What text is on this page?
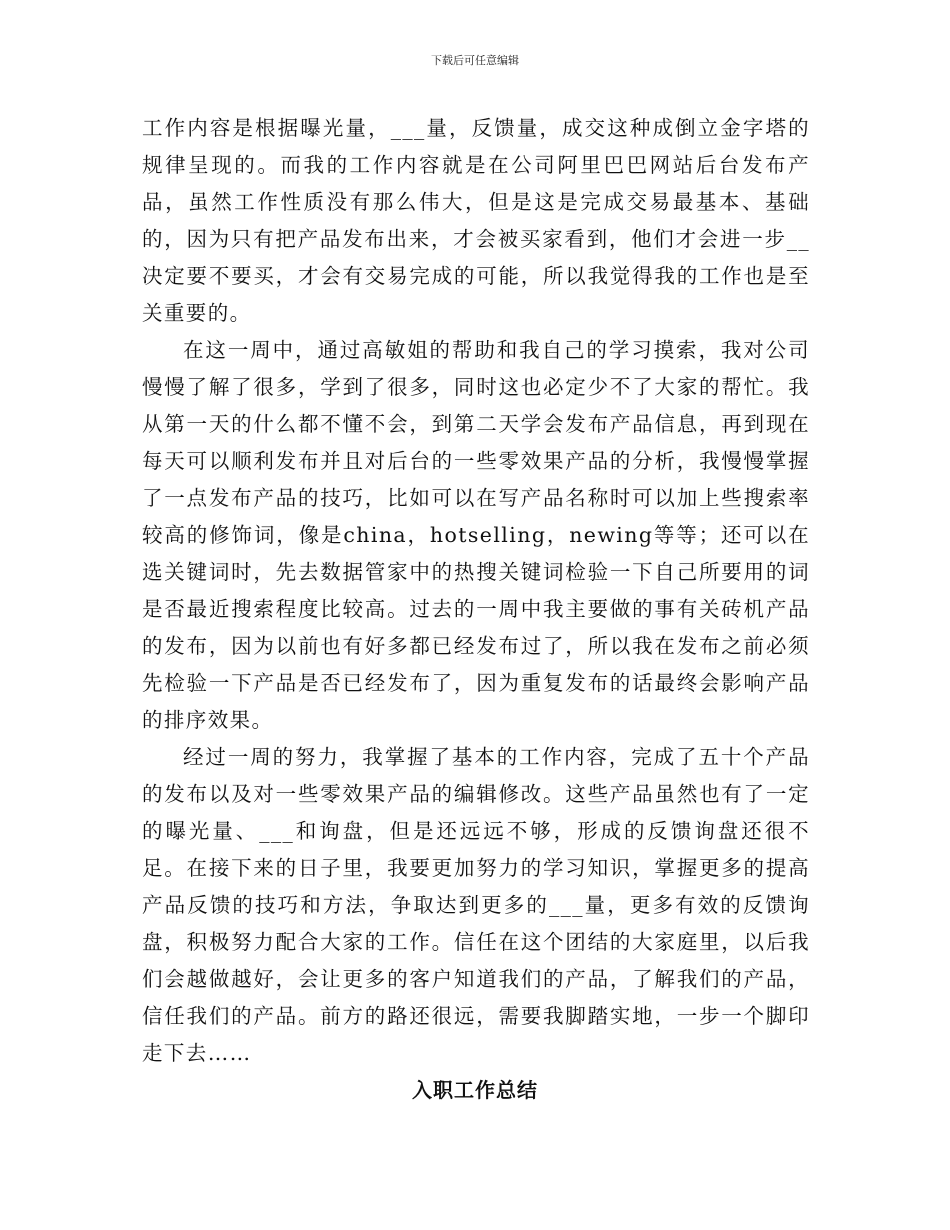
下载后可任意编辑

工作内容是根据曝光量，___量，反馈量，成交这种成倒立金字塔的规律呈现的。而我的工作内容就是在公司阿里巴巴网站后台发布产品，虽然工作性质没有那么伟大，但是这是完成交易最基本、基础的，因为只有把产品发布出来，才会被买家看到，他们才会进一步__决定要不要买，才会有交易完成的可能，所以我觉得我的工作也是至关重要的。

在这一周中，通过高敏姐的帮助和我自己的学习摸索，我对公司慢慢了解了很多，学到了很多，同时这也必定少不了大家的帮忙。我从第一天的什么都不懂不会，到第二天学会发布产品信息，再到现在每天可以顺利发布并且对后台的一些零效果产品的分析，我慢慢掌握了一点发布产品的技巧，比如可以在写产品名称时可以加上些搜索率较高的修饰词，像是china，hotselling，newing等等；还可以在选关键词时，先去数据管家中的热搜关键词检验一下自己所要用的词是否最近搜索程度比较高。过去的一周中我主要做的事有关砖机产品的发布，因为以前也有好多都已经发布过了，所以我在发布之前必须先检验一下产品是否已经发布了，因为重复发布的话最终会影响产品的排序效果。

经过一周的努力，我掌握了基本的工作内容，完成了五十个产品的发布以及对一些零效果产品的编辑修改。这些产品虽然也有了一定的曝光量、___和询盘，但是还远远不够，形成的反馈询盘还很不足。在接下来的日子里，我要更加努力的学习知识，掌握更多的提高产品反馈的技巧和方法，争取达到更多的___量，更多有效的反馈询盘，积极努力配合大家的工作。信任在这个团结的大家庭里，以后我们会越做越好，会让更多的客户知道我们的产品，了解我们的产品，信任我们的产品。前方的路还很远，需要我脚踏实地，一步一个脚印走下去……

入职工作总结
